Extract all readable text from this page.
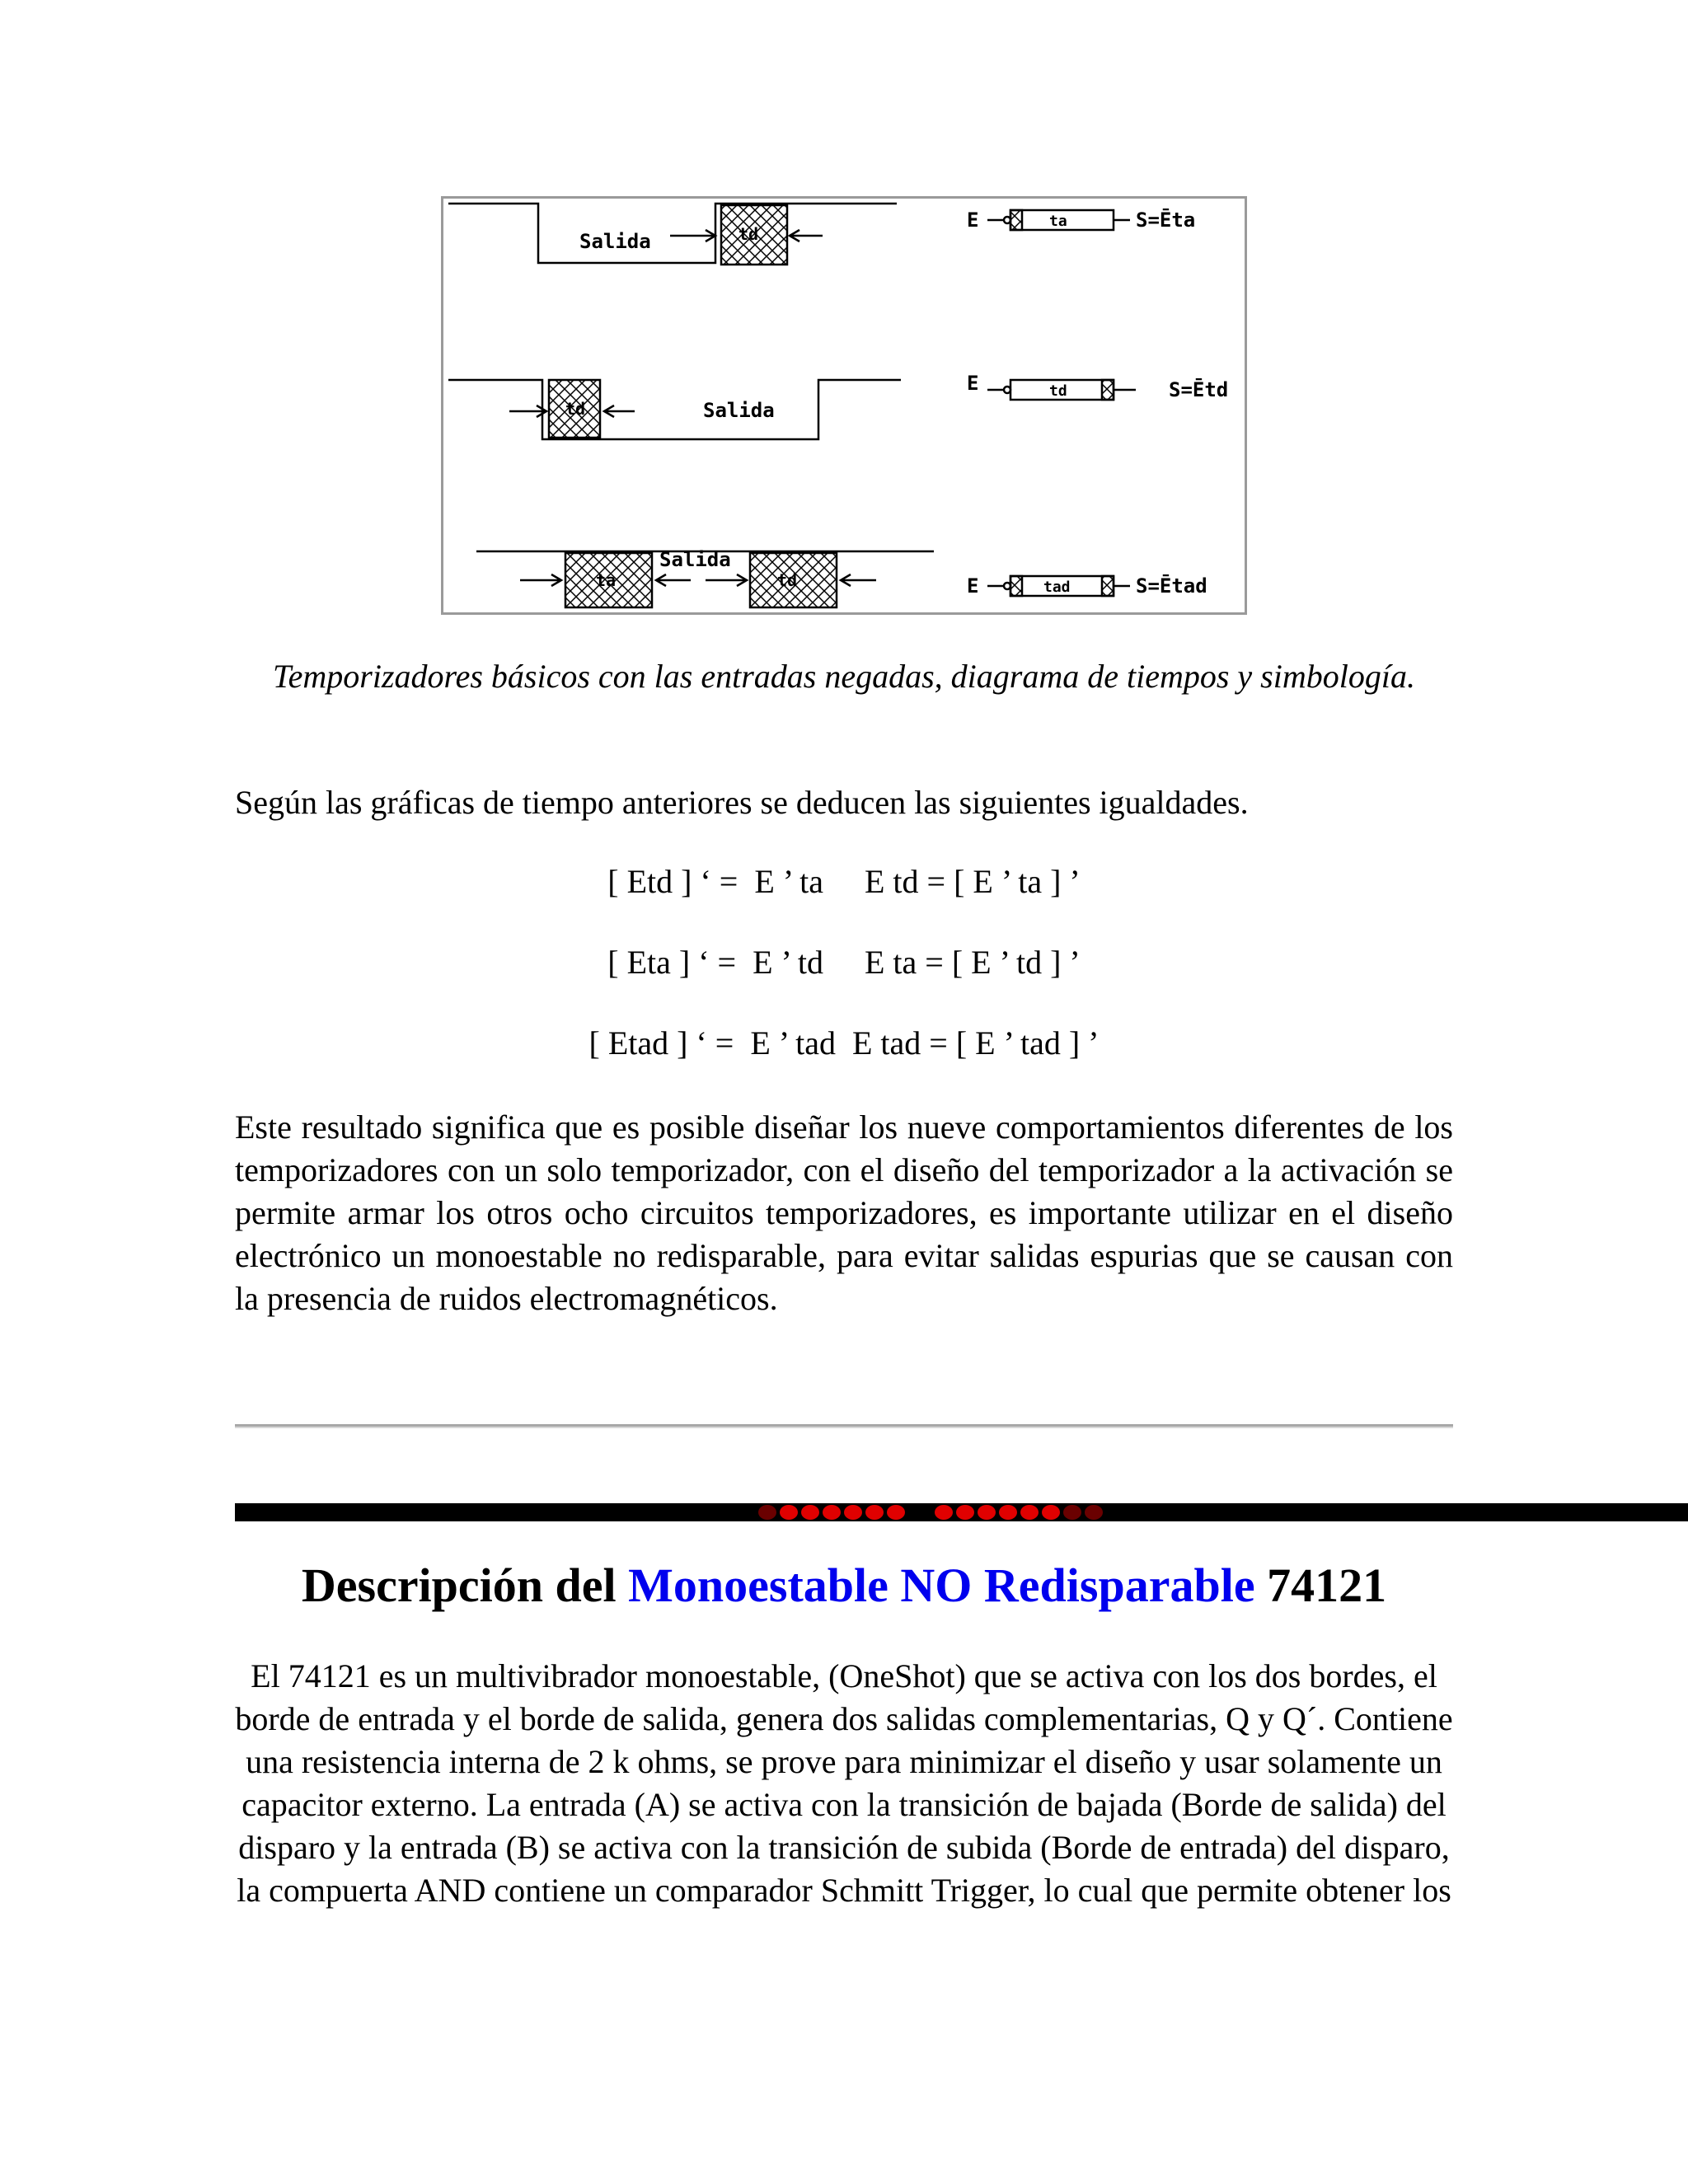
Salida	td
Salida
td
Salida
ta	td
E	ta	S=Ēta
E	td	S=Ētd
E	tad	S=Ētad
Temporizadores básicos con las entradas negadas, diagrama de tiempos y simbología.
Según las gráficas de tiempo anteriores se deducen las siguientes igualdades.
[ Etd ] ‘ =  E ’ ta     E td = [ E ’ ta ] ’
[ Eta ] ‘ =  E ’ td     E ta = [ E ’ td ] ’
[ Etad ] ‘ =  E ’ tad  E tad = [ E ’ tad ] ’
Este resultado significa que es posible diseñar los nueve comportamientos diferentes de los temporizadores con un solo temporizador, con el diseño del temporizador a la activación se permite armar los otros ocho circuitos temporizadores, es importante utilizar en el diseño electrónico un monoestable no redisparable, para evitar salidas espurias que se causan con la presencia de ruidos electromagnéticos.
Descripción del Monoestable NO Redisparable 74121
El 74121 es un multivibrador monoestable, (OneShot) que se activa con los dos bordes, el borde de entrada y el borde de salida, genera dos salidas complementarias, Q y Q´. Contiene una resistencia interna de 2 k ohms, se prove para minimizar el diseño y usar solamente un capacitor externo. La entrada (A) se activa con la transición de bajada (Borde de salida) del disparo y la entrada (B) se activa con la transición de subida (Borde de entrada) del disparo, la compuerta AND contiene un comparador Schmitt Trigger, lo cual que permite obtener los
